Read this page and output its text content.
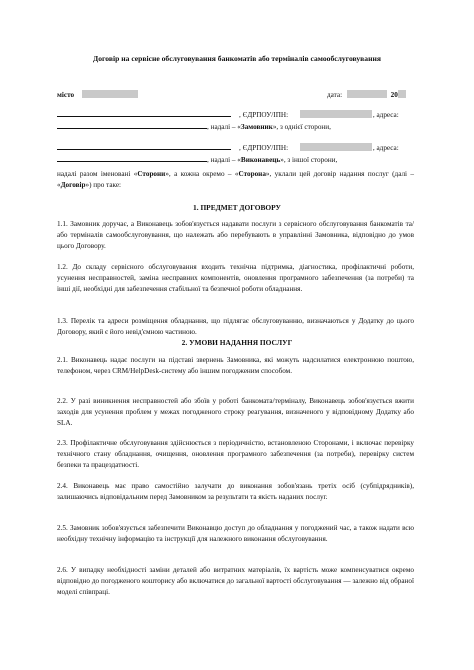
Договір на сервісне обслуговування банкоматів або терміналів самообслуговування
місто	дата:	20
, ЄДРПОУ/ІПН:	, адреса:
, надалі – «Замовник», з однієї сторони,
, ЄДРПОУ/ІПН:	, адреса:
, надалі – «Виконавець», з іншої сторони,
надалі разом іменовані «Сторони», а кожна окремо – «Сторона», уклали цей договір надання послуг (далі – «Договір») про таке:
1. ПРЕДМЕТ ДОГОВОРУ
1.1. Замовник доручає, а Виконавець зобов'язується надавати послуги з сервісного обслуговування банкоматів та/або терміналів самообслуговування, що належать або перебувають в управлінні Замовника, відповідно до умов цього Договору.
1.2. До складу сервісного обслуговування входить технічна підтримка, діагностика, профілактичні роботи, усунення несправностей, заміна несправних компонентів, оновлення програмного забезпечення (за потреби) та інші дії, необхідні для забезпечення стабільної та безпечної роботи обладнання.
1.3. Перелік та адреси розміщення обладнання, що підлягає обслуговуванню, визначаються у Додатку до цього Договору, який є його невід'ємною частиною.
2. УМОВИ НАДАННЯ ПОСЛУГ
2.1. Виконавець надає послуги на підставі звернень Замовника, які можуть надсилатися електронною поштою, телефоном, через CRM/HelpDesk-систему або іншим погодженим способом.
2.2. У разі виникнення несправностей або збоїв у роботі банкомата/терміналу, Виконавець зобов'язується вжити заходів для усунення проблем у межах погодженого строку реагування, визначеного у відповідному Додатку або SLA.
2.3. Профілактичне обслуговування здійснюється з періодичністю, встановленою Сторонами, і включає перевірку технічного стану обладнання, очищення, оновлення програмного забезпечення (за потреби), перевірку систем безпеки та працездатності.
2.4. Виконавець має право самостійно залучати до виконання зобов'язань третіх осіб (субпідрядників), залишаючись відповідальним перед Замовником за результати та якість наданих послуг.
2.5. Замовник зобов'язується забезпечити Виконавцю доступ до обладнання у погоджений час, а також надати всю необхідну технічну інформацію та інструкції для належного виконання обслуговування.
2.6. У випадку необхідності заміни деталей або витратних матеріалів, їх вартість може компенсуватися окремо відповідно до погодженого кошторису або включатися до загальної вартості обслуговування — залежно від обраної моделі співпраці.
